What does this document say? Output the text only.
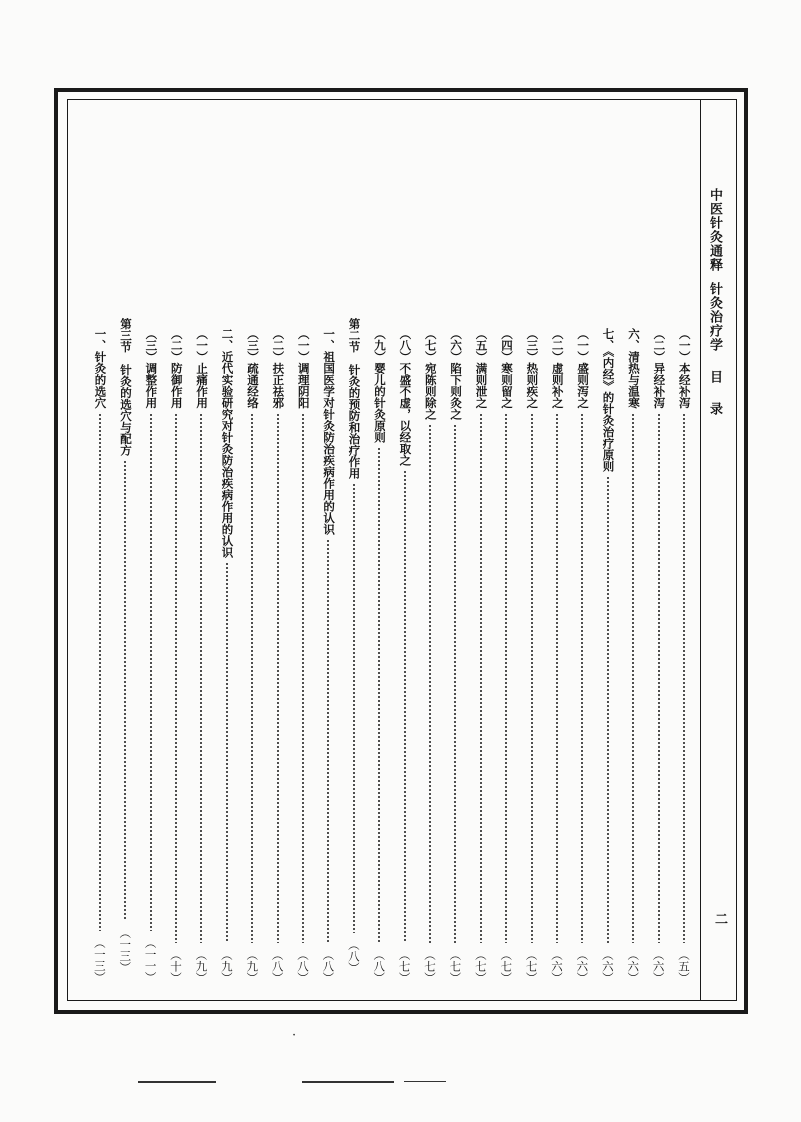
中医针灸通释针灸治疗学目录
二
（一）本经补泻
（五）
（二）异经补泻
（六）
六、清热与温寒
（六）
七、《内经》的针灸治疗原则
（六）
（一）盛则泻之
（六）
（二）虚则补之
（六）
（三）热则疾之
（七）
（四）寒则留之
（七）
（五）满则泄之
（七）
（六）陷下则灸之
（七）
（七）宛陈则除之
（七）
（八）不盛不虚，以经取之
（七）
（九）婴儿的针灸原则
（八）
第二节　针灸的预防和治疗作用
（八）
一、祖国医学对针灸防治疾病作用的认识
（八）
（一）调理阴阳
（八）
（二）扶正祛邪
（八）
（三）疏通经络
（九）
二、近代实验研究对针灸防治疾病作用的认识
（九）
（一）止痛作用
（九）
（二）防御作用
（十）
（三）调整作用
（一一）
第三节　针灸的选穴与配方
（一三）
一、针灸的选穴
（一三）
·
